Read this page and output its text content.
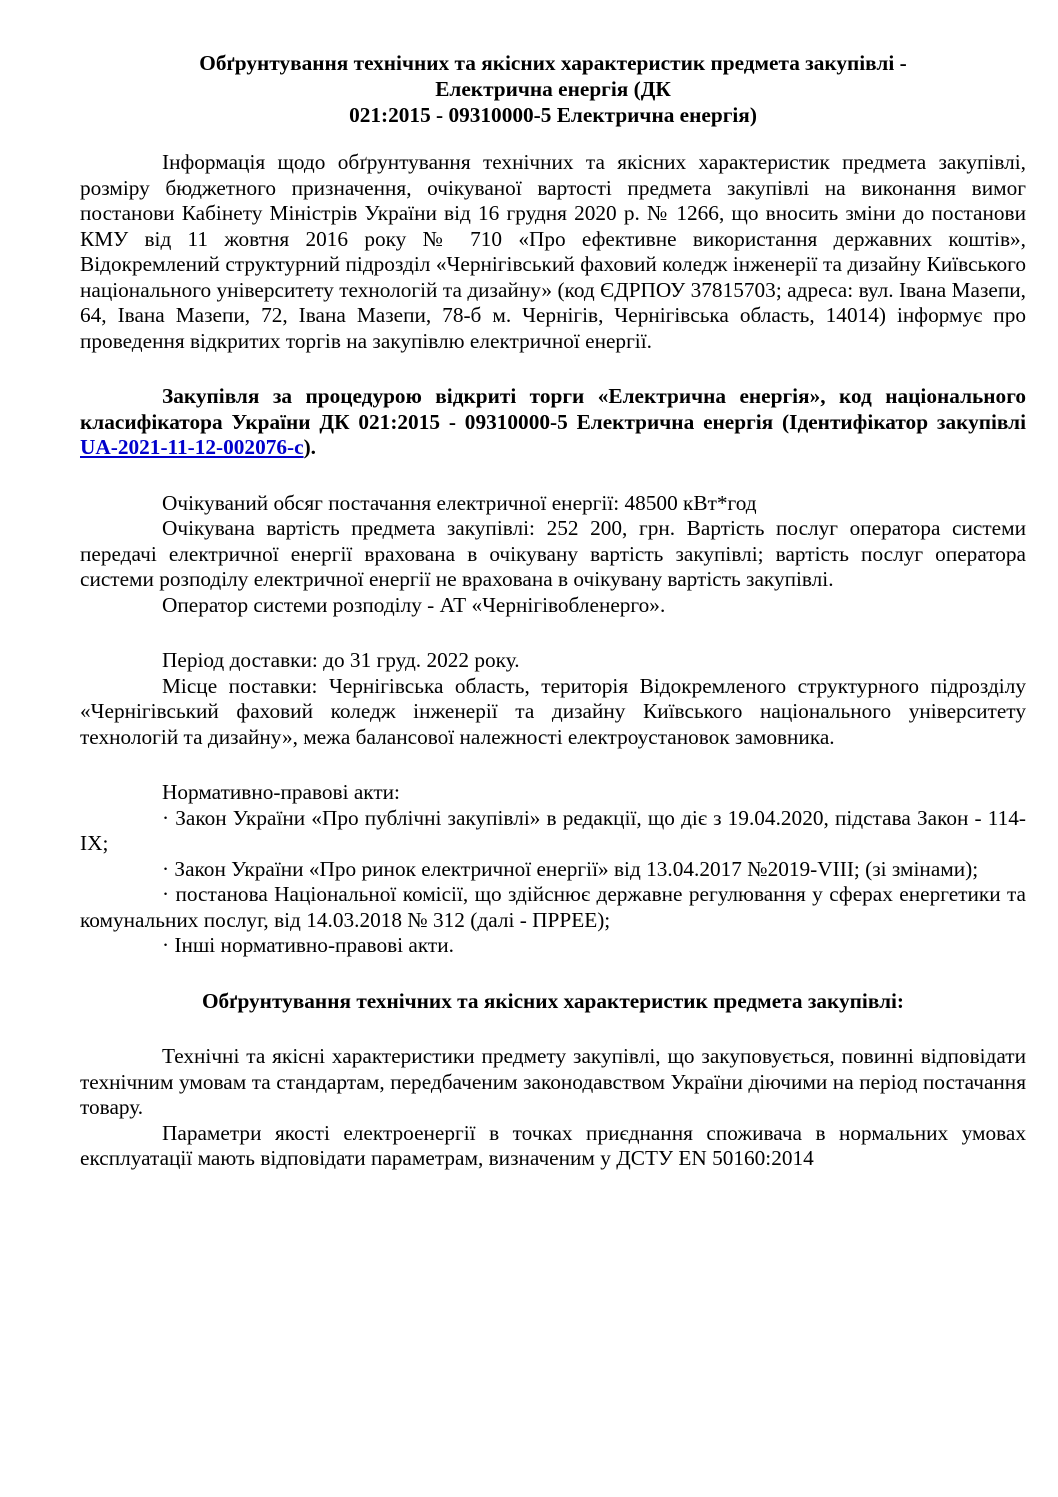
Обґрунтування технічних та якісних характеристик предмета закупівлі -
Електрична енергія (ДК
021:2015 - 09310000-5 Електрична енергія)

Інформація щодо обґрунтування технічних та якісних характеристик предмета закупівлі, розміру бюджетного призначення, очікуваної вартості предмета закупівлі на виконання вимог постанови Кабінету Міністрів України від 16 грудня 2020 р. № 1266, що вносить зміни до постанови КМУ від 11 жовтня 2016 року № 710 «Про ефективне використання державних коштів», Відокремлений структурний підрозділ «Чернігівський фаховий коледж інженерії та дизайну Київського національного університету технологій та дизайну» (код ЄДРПОУ 37815703; адреса: вул. Івана Мазепи, 64, Івана Мазепи, 72, Івана Мазепи, 78-б м. Чернігів, Чернігівська область, 14014) інформує про проведення відкритих торгів на закупівлю електричної енергії.

Закупівля за процедурою відкриті торги «Електрична енергія», код національного класифікатора України ДК 021:2015 - 09310000-5 Електрична енергія (Ідентифікатор закупівлі UA-2021-11-12-002076-c).

Очікуваний обсяг постачання електричної енергії: 48500 кВт*год

Очікувана вартість предмета закупівлі: 252 200, грн. Вартість послуг оператора системи передачі електричної енергії врахована в очікувану вартість закупівлі; вартість послуг оператора системи розподілу електричної енергії не врахована в очікувану вартість закупівлі.

Оператор системи розподілу - АТ «Чернігівобленерго».

Період доставки: до 31 груд. 2022 року.

Місце поставки: Чернігівська область, територія Відокремленого структурного підрозділу «Чернігівський фаховий коледж інженерії та дизайну Київського національного університету технологій та дизайну», межа балансової належності електроустановок замовника.

Нормативно-правові акти:

· Закон України «Про публічні закупівлі» в редакції, що діє з 19.04.2020, підстава Закон - 114-ІХ;

· Закон України «Про ринок електричної енергії» від 13.04.2017 №2019-VIII; (зі змінами);

· постанова Національної комісії, що здійснює державне регулювання у сферах енергетики та комунальних послуг, від 14.03.2018 № 312 (далі - ПРРЕЕ);

· Інші нормативно-правові акти.

Обґрунтування технічних та якісних характеристик предмета закупівлі:

Технічні та якісні характеристики предмету закупівлі, що закуповується, повинні відповідати технічним умовам та стандартам, передбаченим законодавством України діючими на період постачання товару.

Параметри якості електроенергії в точках приєднання споживача в нормальних умовах експлуатації мають відповідати параметрам, визначеним у ДСТУ EN 50160:2014
